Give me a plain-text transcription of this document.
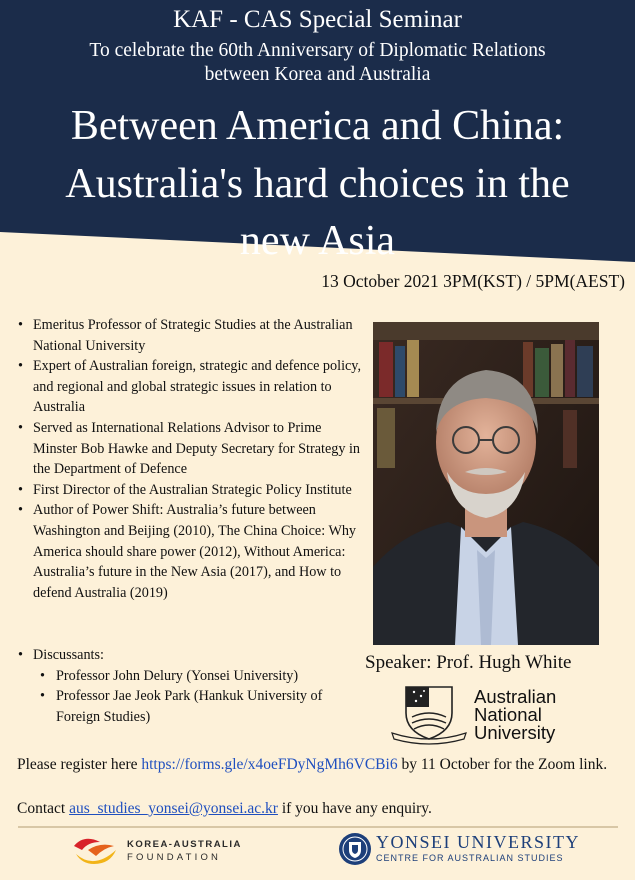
KAF - CAS Special Seminar
To celebrate the 60th Anniversary of Diplomatic Relations
between Korea and Australia
Between America and China:
Australia's hard choices in the
new Asia
13 October 2021 3PM(KST) / 5PM(AEST)
• Emeritus Professor of Strategic Studies at the Australian National University
• Expert of Australian foreign, strategic and defence policy, and regional and global strategic issues in relation to Australia
• Served as International Relations Advisor to Prime Minster Bob Hawke and Deputy Secretary for Strategy in the Department of Defence
• First Director of the Australian Strategic Policy Institute
• Author of Power Shift: Australia’s future between Washington and Beijing (2010), The China Choice: Why America should share power (2012), Without America: Australia’s future in the New Asia (2017), and How to defend Australia (2019)
• Discussants:
• Professor John Delury (Yonsei University)
• Professor Jae Jeok Park (Hankuk University of Foreign Studies)
Speaker: Prof. Hugh White
Australian
National
University
Please register here https://forms.gle/x4oeFDyNgMh6VCBi6 by 11 October for the Zoom link.
Contact aus_studies_yonsei@yonsei.ac.kr if you have any enquiry.
KOREA-AUSTRALIA
FOUNDATION
YONSEI UNIVERSITY
CENTRE FOR AUSTRALIAN STUDIES
